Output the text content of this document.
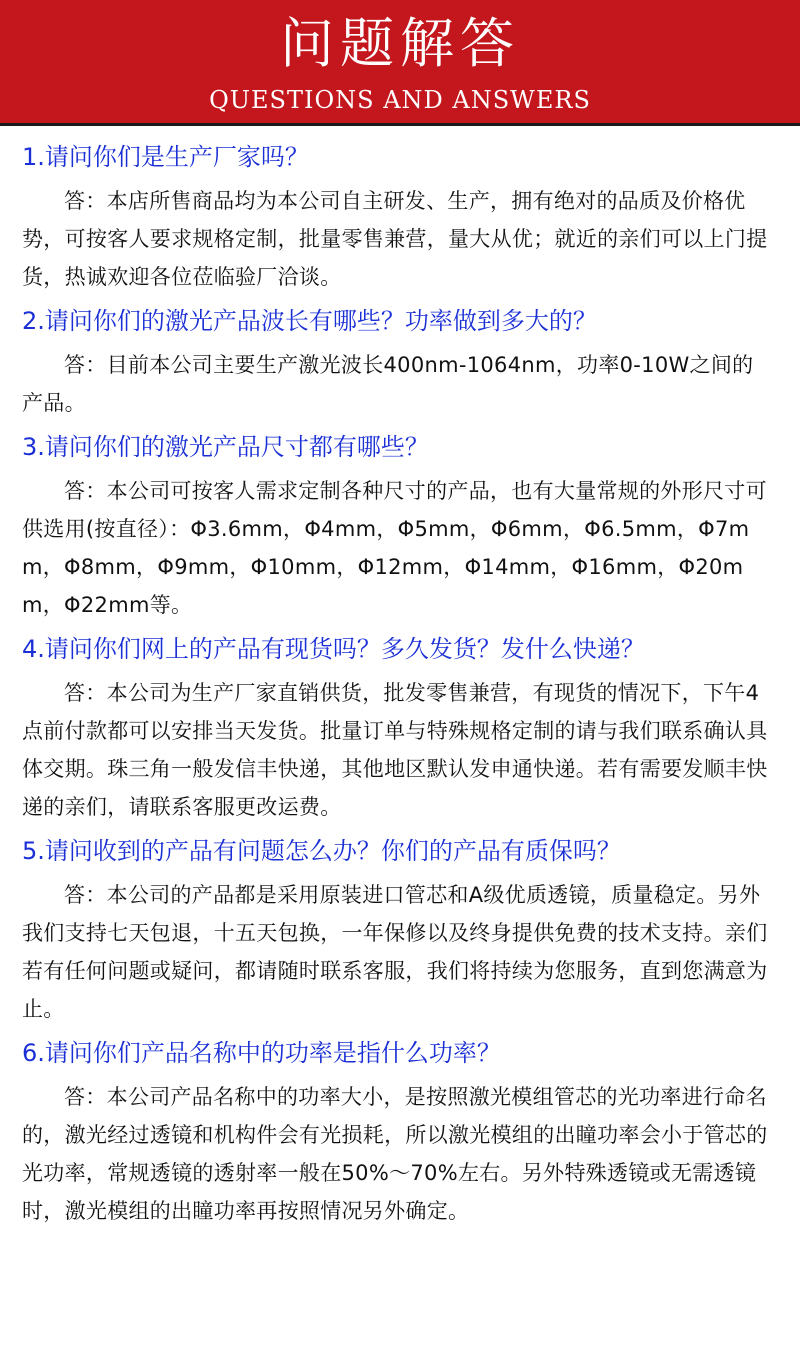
问题解答
QUESTIONS AND ANSWERS

1.请问你们是生产厂家吗？

答：本店所售商品均为本公司自主研发、生产，拥有绝对的品质及价格优势，可按客人要求规格定制，批量零售兼营，量大从优；就近的亲们可以上门提货，热诚欢迎各位莅临验厂洽谈。

2.请问你们的激光产品波长有哪些？功率做到多大的？

答：目前本公司主要生产激光波长400nm-1064nm，功率0-10W之间的产品。

3.请问你们的激光产品尺寸都有哪些？

答：本公司可按客人需求定制各种尺寸的产品，也有大量常规的外形尺寸可供选用(按直径）：Φ3.6mm，Φ4mm，Φ5mm，Φ6mm，Φ6.5mm，Φ7mm，Φ8mm，Φ9mm，Φ10mm，Φ12mm，Φ14mm，Φ16mm，Φ20mm，Φ22mm等。

4.请问你们网上的产品有现货吗？多久发货？发什么快递？

答：本公司为生产厂家直销供货，批发零售兼营，有现货的情况下，下午4点前付款都可以安排当天发货。批量订单与特殊规格定制的请与我们联系确认具体交期。珠三角一般发信丰快递，其他地区默认发申通快递。若有需要发顺丰快递的亲们，请联系客服更改运费。

5.请问收到的产品有问题怎么办？你们的产品有质保吗？

答：本公司的产品都是采用原装进口管芯和A级优质透镜，质量稳定。另外我们支持七天包退，十五天包换，一年保修以及终身提供免费的技术支持。亲们若有任何问题或疑问，都请随时联系客服，我们将持续为您服务，直到您满意为止。

6.请问你们产品名称中的功率是指什么功率？

答：本公司产品名称中的功率大小，是按照激光模组管芯的光功率进行命名的，激光经过透镜和机构件会有光损耗，所以激光模组的出瞳功率会小于管芯的光功率，常规透镜的透射率一般在50%～70%左右。另外特殊透镜或无需透镜时，激光模组的出瞳功率再按照情况另外确定。
